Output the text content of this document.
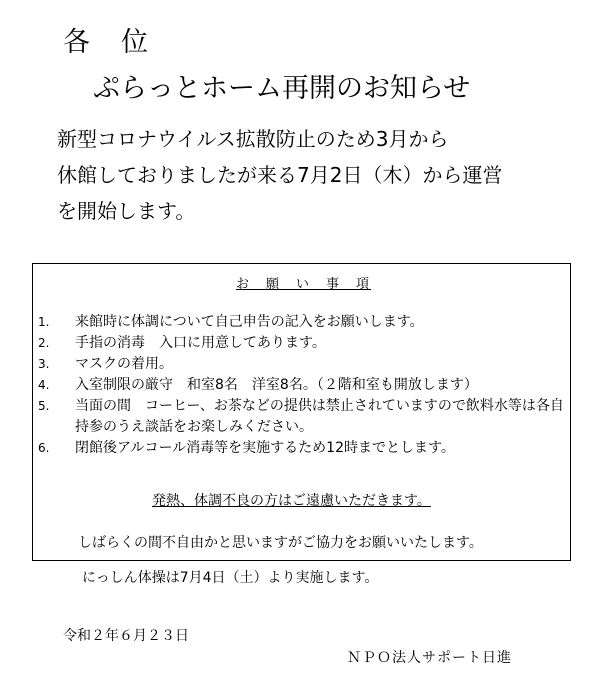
各　位
ぷらっとホーム再開のお知らせ
新型コロナウイルス拡散防止のため3月から
休館しておりましたが来る7月2日（木）から運営
を開始します。
お　願　い　事　項
1.	来館時に体調について自己申告の記入をお願いします。
2.	手指の消毒　入口に用意してあります。
3.	マスクの着用。
4.	入室制限の厳守　和室8名　洋室8名。（２階和室も開放します）
5.	当面の間　コーヒー、お茶などの提供は禁止されていますので飲料水等は各自持参のうえ談話をお楽しみください。
6.	閉館後アルコール消毒等を実施するため12時までとします。
発熱、体調不良の方はご遠慮いただきます。
しばらくの間不自由かと思いますがご協力をお願いいたします。
にっしん体操は7月4日（土）より実施します。
令和２年６月２３日
ＮＰＯ法人サポート日進
